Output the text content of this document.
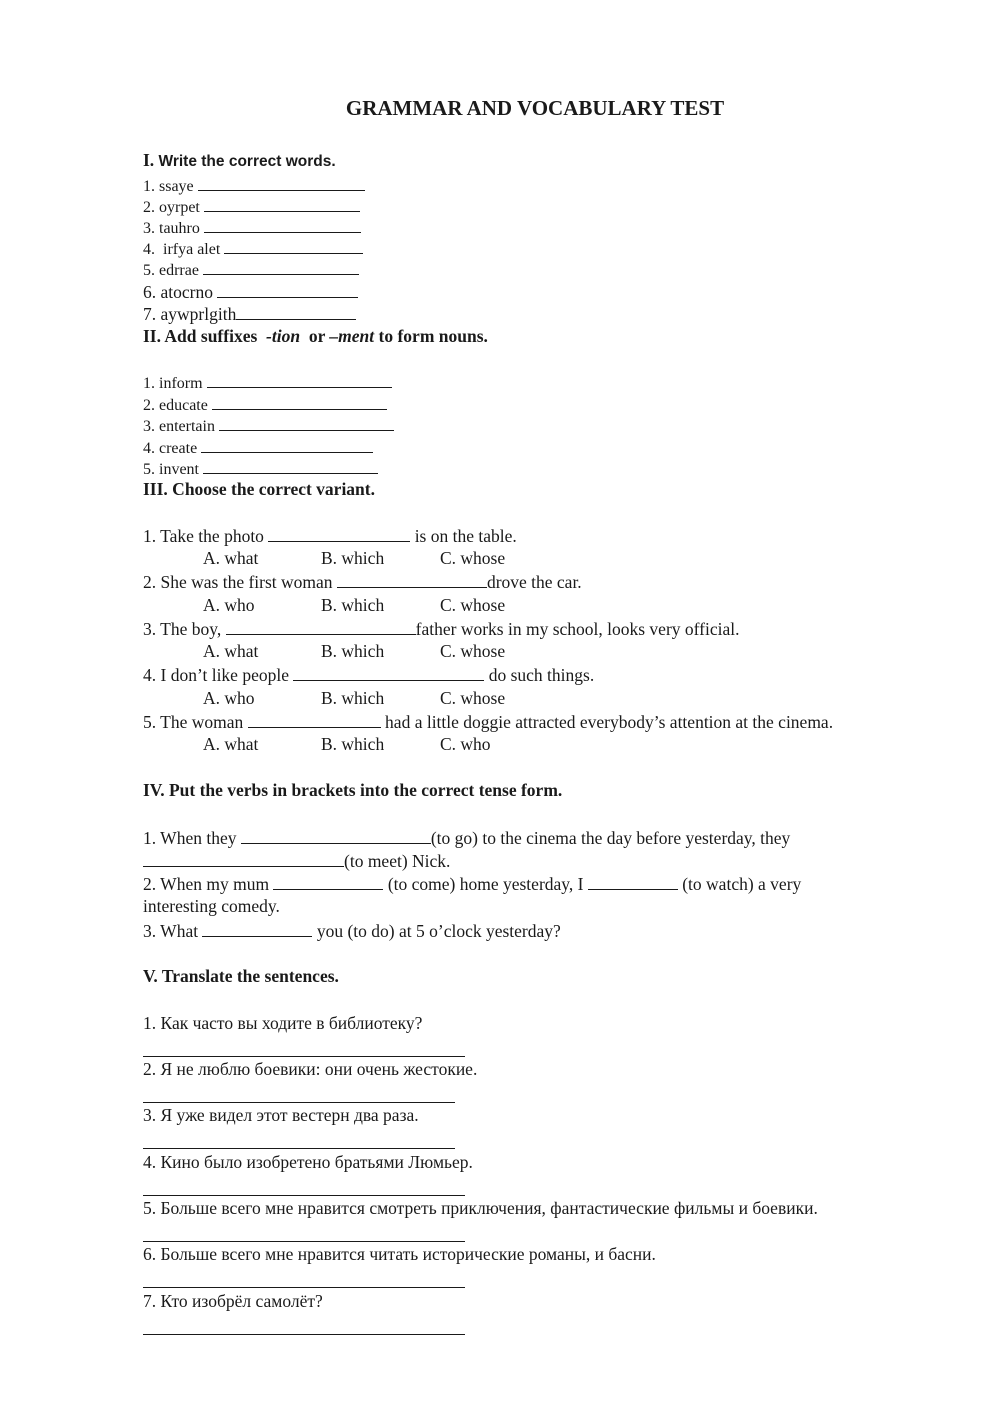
GRAMMAR AND VOCABULARY TEST
I. Write the correct words.
1. ssaye
2. oyrpet
3. tauhro
4.  irfya alet
5. edrrae
6. atocrno
7. aywprlgith
II. Add suffixes  -tion  or –ment to form nouns.
1. inform
2. educate
3. entertain
4. create
5. invent
III. Choose the correct variant.
1. Take the photo	is on the table.
A. what	B. which	C. whose
2. She was the first woman	drove the car.
A. who	B. which	C. whose
3. The boy,	father works in my school, looks very official.
A. what	B. which	C. whose
4. I don’t like people	do such things.
A. who	B. which	C. whose
5. The woman	had a little doggie attracted everybody’s attention at the cinema.
A. what	B. which	C. who
IV. Put the verbs in brackets into the correct tense form.
1. When they	(to go) to the cinema the day before yesterday, they
(to meet) Nick.
2. When my mum	(to come) home yesterday, I	(to watch) a very
interesting comedy.
3. What	you (to do) at 5 o’clock yesterday?
V. Translate the sentences.
1. Как часто вы ходите в библиотеку?
2. Я не люблю боевики: они очень жестокие.
3. Я уже видел этот вестерн два раза.
4. Кино было изобретено братьями Люмьер.
5. Больше всего мне нравится смотреть приключения, фантастические фильмы и боевики.
6. Больше всего мне нравится читать исторические романы, и басни.
7. Кто изобрёл самолёт?
